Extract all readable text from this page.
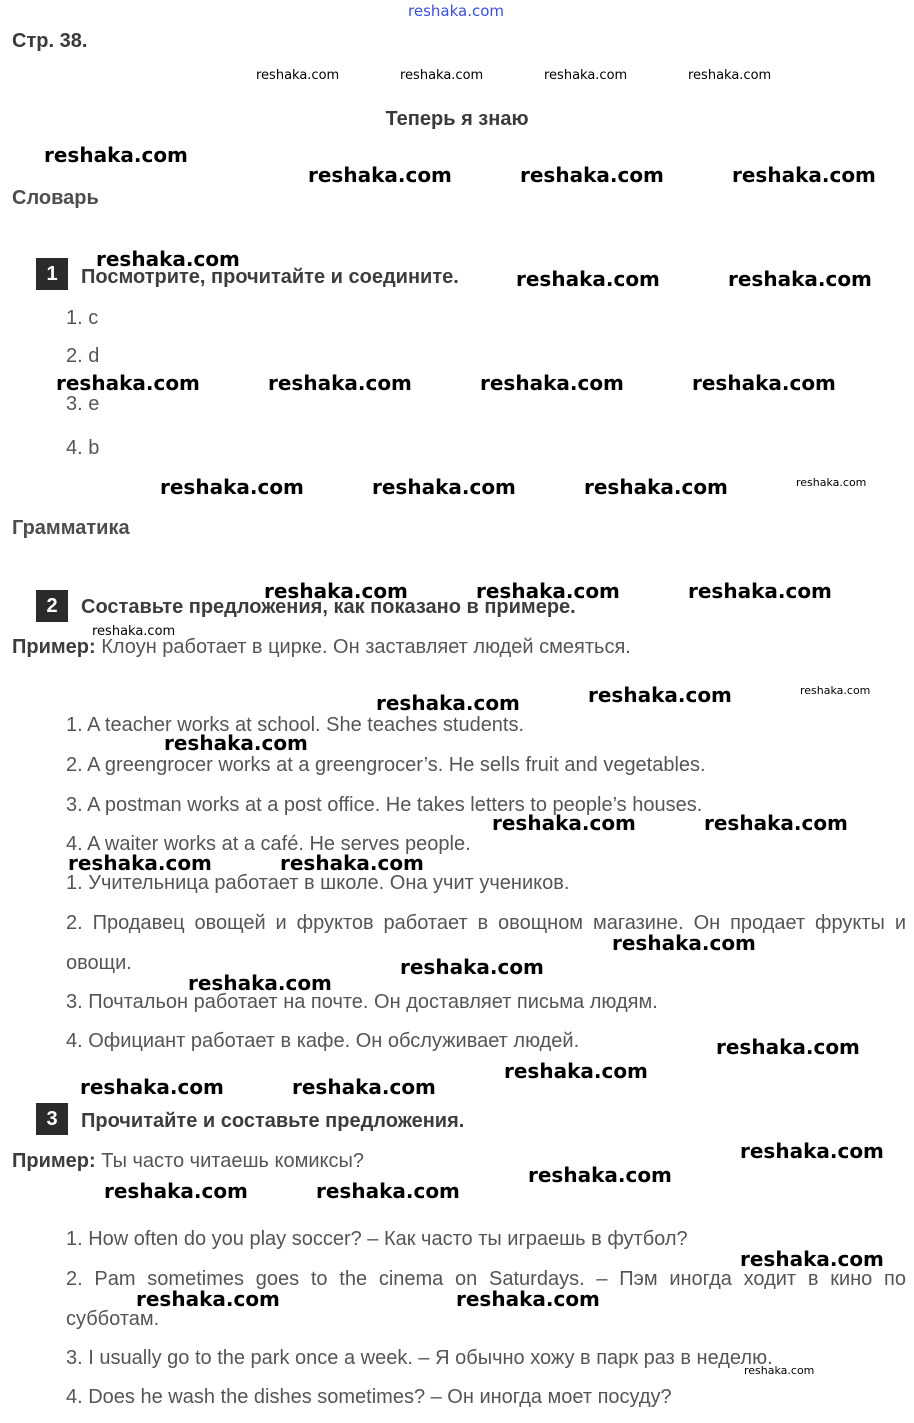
reshaka.com
Стр. 38.
Теперь я знаю
Словарь
Грамматика
1	Посмотрите, прочитайте и соедините.
1. c
2. d
3. e
4. b
2	Составьте предложения, как показано в примере.
Пример: Клоун работает в цирке. Он заставляет людей смеяться.
1. A teacher works at school. She teaches students.
2. A greengrocer works at a greengrocer’s. He sells fruit and vegetables.
3. A postman works at a post office. He takes letters to people’s houses.
4. A waiter works at a café. He serves people.
1. Учительница работает в школе. Она учит учеников.
2. Продавец овощей и фруктов работает в овощном магазине. Он продает фрукты и овощи.
3. Почтальон работает на почте. Он доставляет письма людям.
4. Официант работает в кафе. Он обслуживает людей.
3	Прочитайте и составьте предложения.
Пример: Ты часто читаешь комиксы?
1. How often do you play soccer? – Как часто ты играешь в футбол?
2. Pam sometimes goes to the cinema on Saturdays. – Пэм иногда ходит в кино по субботам.
3. I usually go to the park once a week. – Я обычно хожу в парк раз в неделю.
4. Does he wash the dishes sometimes? – Он иногда моет посуду?
reshaka.com	reshaka.com	reshaka.com	reshaka.com
reshaka.com
reshaka.com
reshaka.com
reshaka.com
reshaka.com
reshaka.com	reshaka.com	reshaka.com
reshaka.com
reshaka.com	reshaka.com
reshaka.com	reshaka.com	reshaka.com	reshaka.com
reshaka.com	reshaka.com	reshaka.com
reshaka.com	reshaka.com	reshaka.com
reshaka.com	reshaka.com
reshaka.com
reshaka.com	reshaka.com
reshaka.com	reshaka.com
reshaka.com
reshaka.com
reshaka.com
reshaka.com
reshaka.com
reshaka.com	reshaka.com
reshaka.com
reshaka.com
reshaka.com	reshaka.com
reshaka.com
reshaka.com	reshaka.com
